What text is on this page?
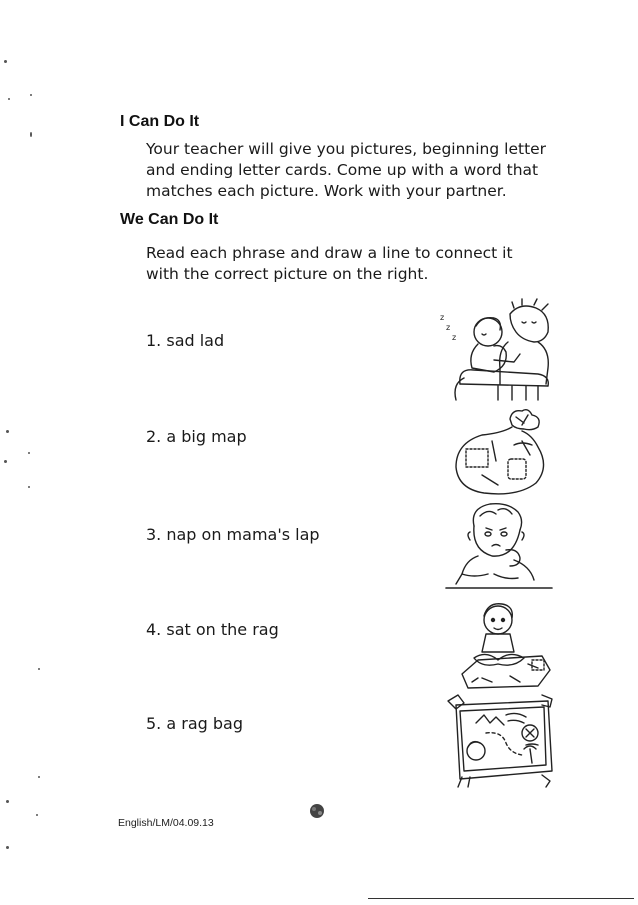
I Can Do It
Your teacher will give you pictures, beginning letter
and ending letter cards. Come up with a word that
matches each picture. Work with your partner.
We Can Do It
Read each phrase and draw a line to connect it
with the correct picture on the right.
1. sad lad
2. a big map
3. nap on mama's lap
4. sat on the rag
5. a rag bag
z
z
z
English/LM/04.09.13
